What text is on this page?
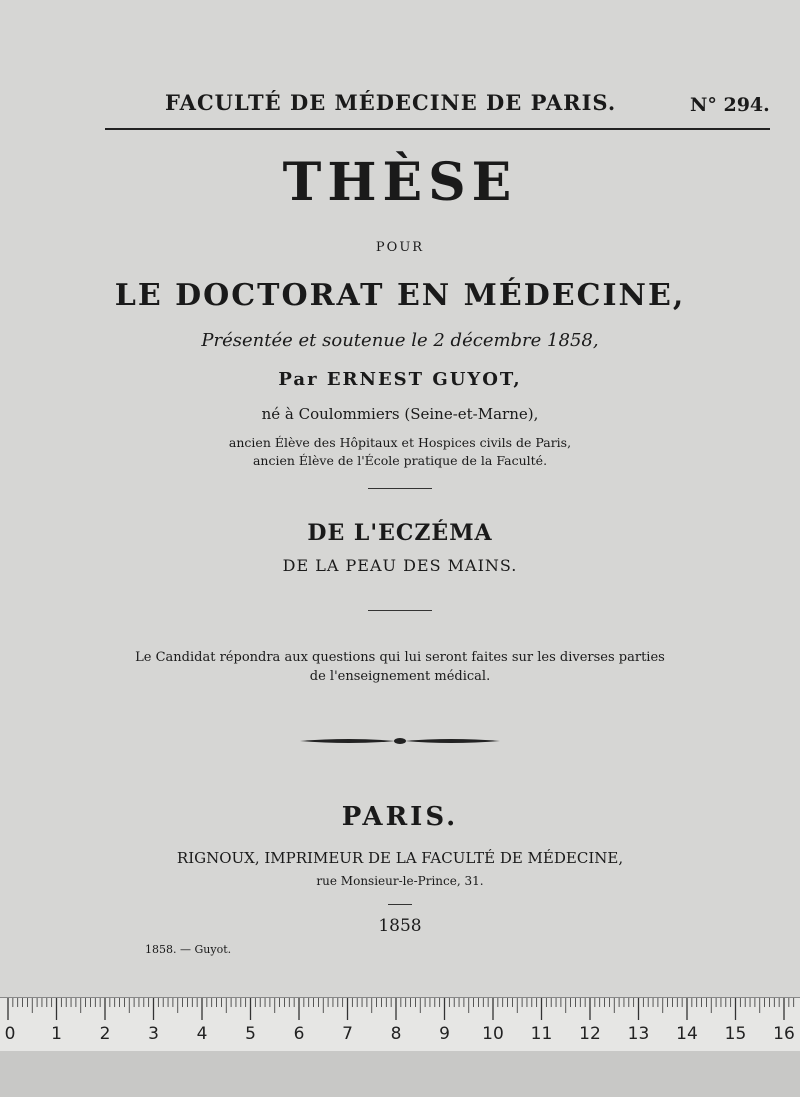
FACULTÉ DE MÉDECINE DE PARIS.	N° 294.
THÈSE
POUR
LE DOCTORAT EN MÉDECINE,
Présentée et soutenue le 2 décembre 1858,
Par ERNEST GUYOT,
né à Coulommiers (Seine-et-Marne),
ancien Élève des Hôpitaux et Hospices civils de Paris,
ancien Élève de l'École pratique de la Faculté.
DE L'ECZÉMA
DE LA PEAU DES MAINS.
Le Candidat répondra aux questions qui lui seront faites sur les diverses parties
de l'enseignement médical.
PARIS.
RIGNOUX, IMPRIMEUR DE LA FACULTÉ DE MÉDECINE,
rue Monsieur-le-Prince, 31.
1858
1858. — Guyot.
0 1 2 3 4 5 6 7 8 9 10 11 12 13 14 15 16
